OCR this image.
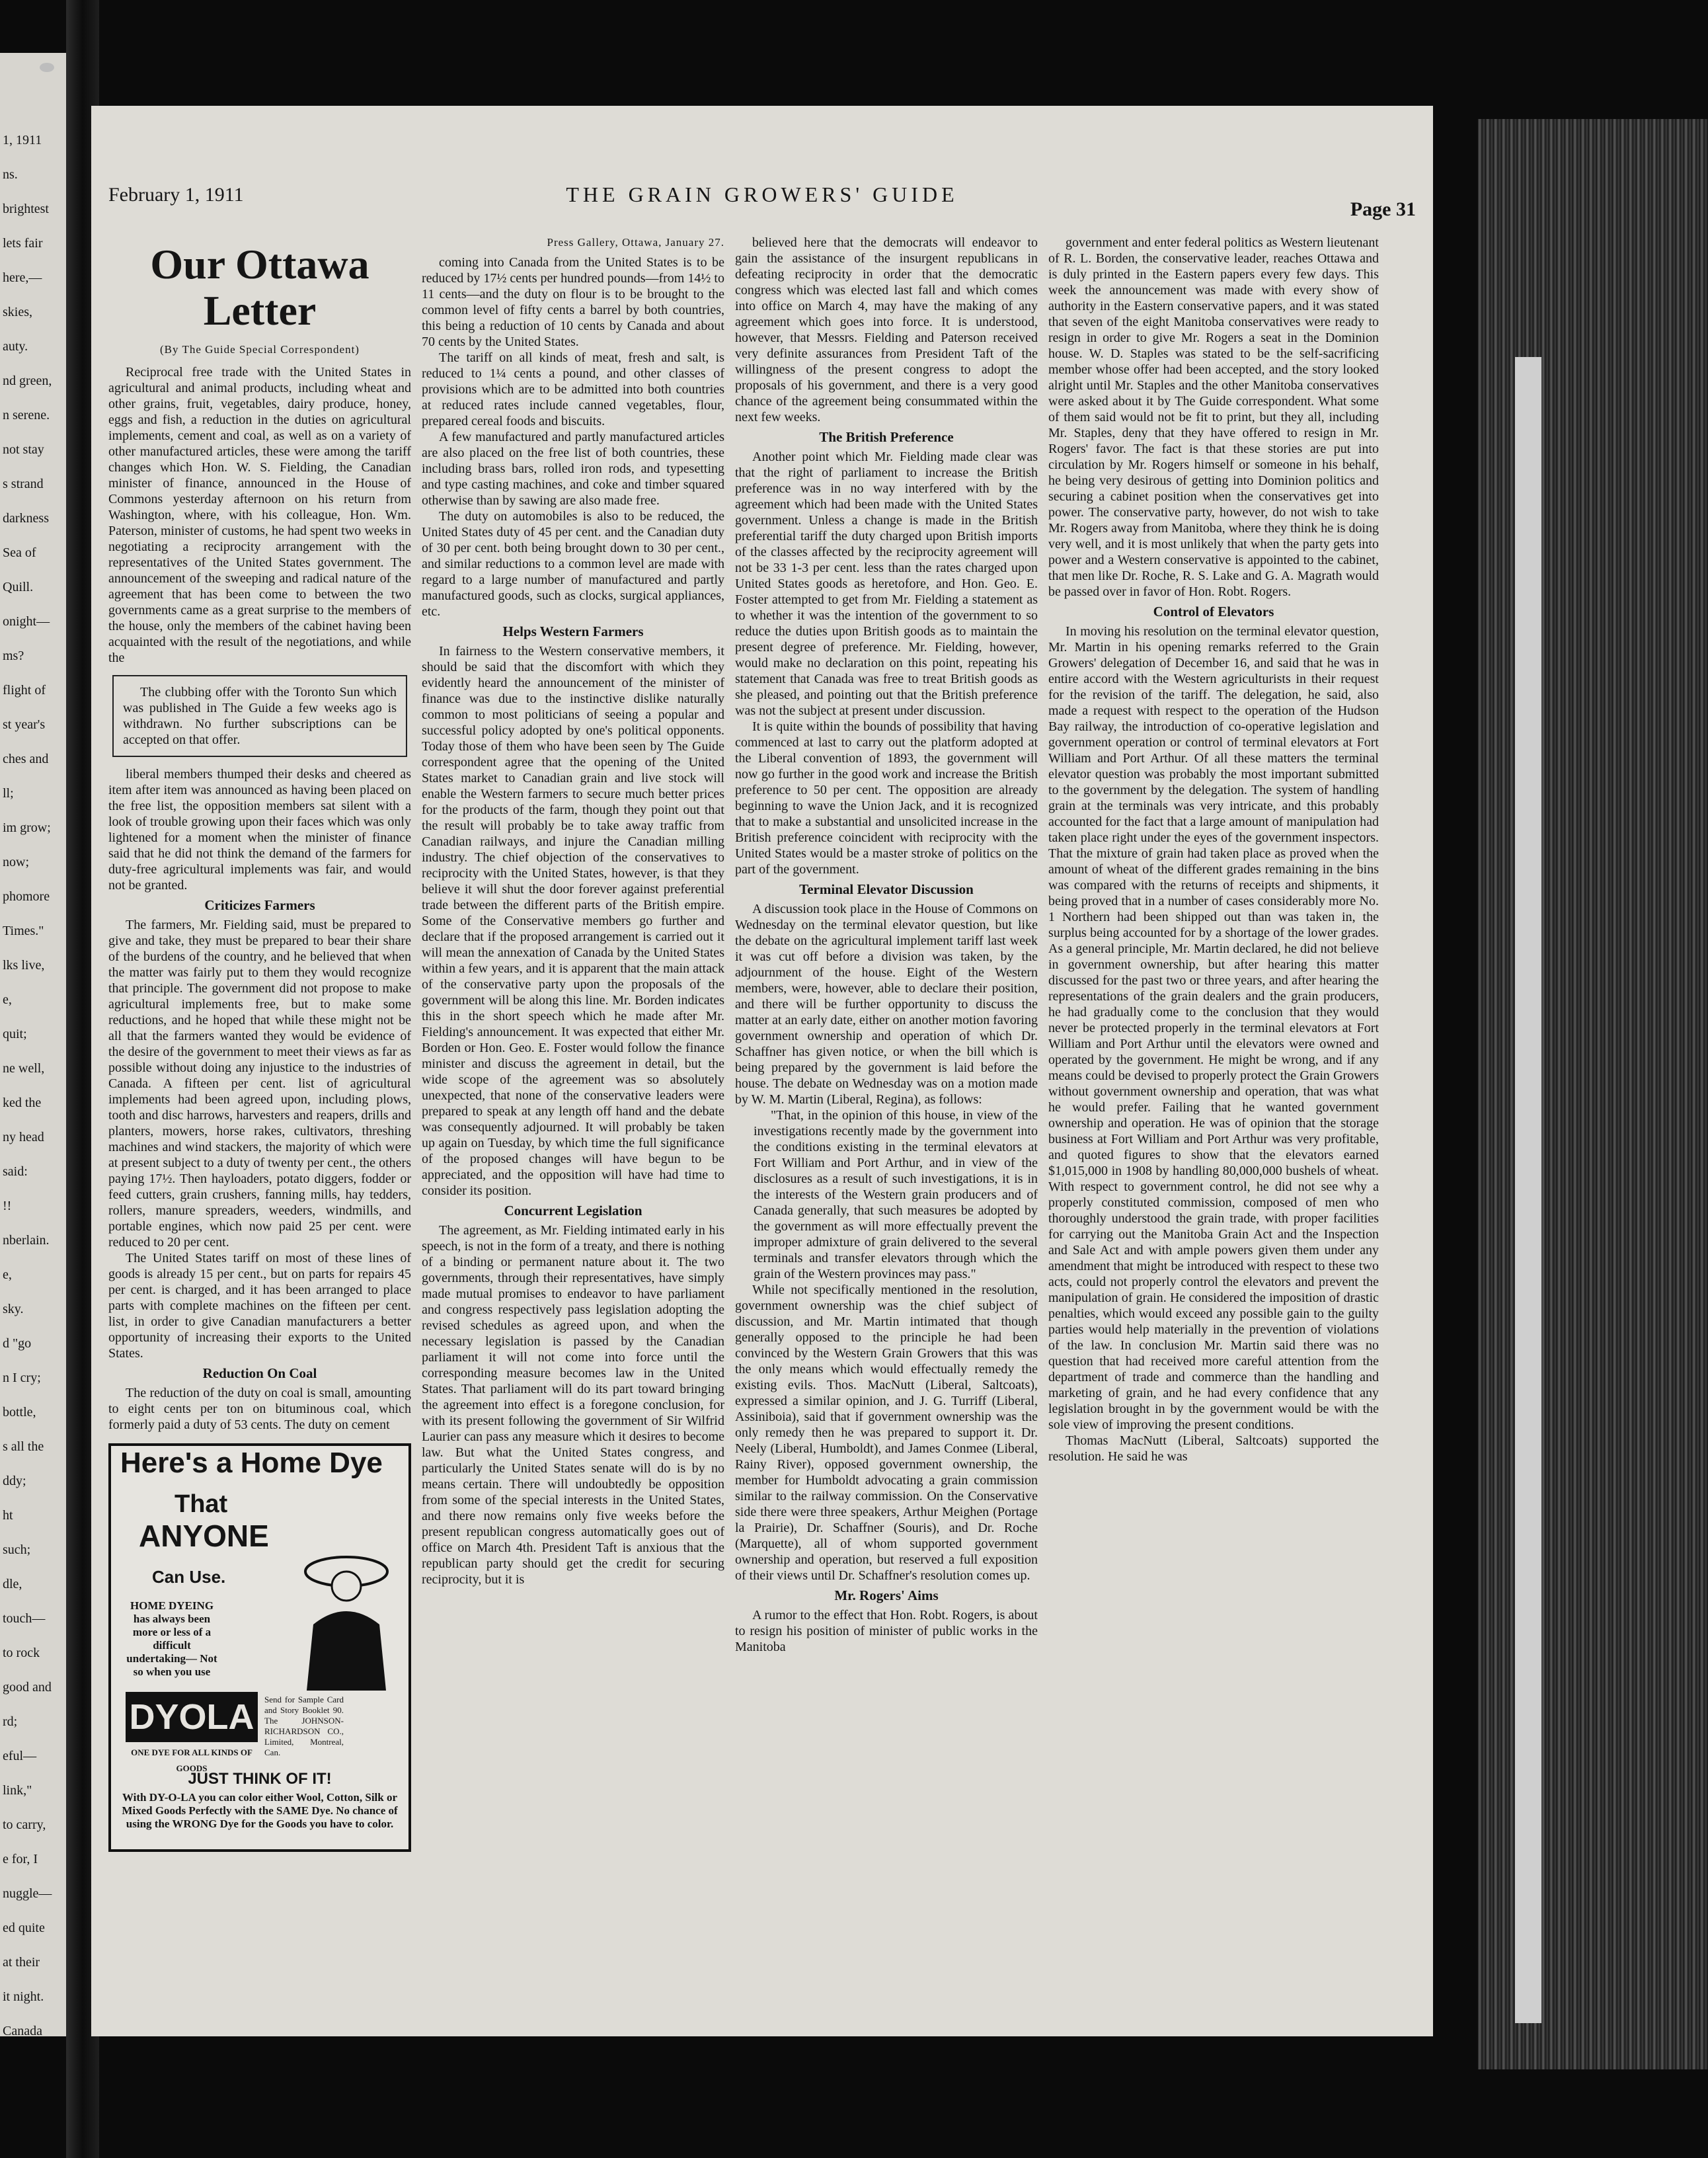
1, 1911
ns.
brightest
lets fair
here,—
skies,
auty.
nd green,
n serene.
not stay
s strand
darkness
Sea of
Quill.
onight—
ms?
flight of
st year's
ches and
ll;
im grow;
now;
phomore
Times."
lks live,
e,
quit;
ne well,
ked the
ny head
said:
!!
nberlain.
e,
sky.
d "go
n I cry;
bottle,
s all the
ddy;
ht
such;
dle,
touch—
to rock
good and
rd;
eful—
link,"
to carry,
e for, I
nuggle—
ed quite
at their
it night.
Canada
February 1, 1911	THE GRAIN GROWERS' GUIDE
Page 31
Our Ottawa Letter
(By The Guide Special Correspondent)

Reciprocal free trade with the United States in agricultural and animal products, including wheat and other grains, fruit, vegetables, dairy produce, honey, eggs and fish, a reduction in the duties on agricultural implements, cement and coal, as well as on a variety of other manufactured articles, these were among the tariff changes which Hon. W. S. Fielding, the Canadian minister of finance, announced in the House of Commons yesterday afternoon on his return from Washington, where, with his colleague, Hon. Wm. Paterson, minister of customs, he had spent two weeks in negotiating a reciprocity arrangement with the representatives of the United States government. The announcement of the sweeping and radical nature of the agreement that has been come to between the two governments came as a great surprise to the members of the house, only the members of the cabinet having been acquainted with the result of the negotiations, and while the

The clubbing offer with the Toronto Sun which was published in The Guide a few weeks ago is withdrawn. No further subscriptions can be accepted on that offer.

liberal members thumped their desks and cheered as item after item was announced as having been placed on the free list, the opposition members sat silent with a look of trouble growing upon their faces which was only lightened for a moment when the minister of finance said that he did not think the demand of the farmers for duty-free agricultural implements was fair, and would not be granted.

Criticizes Farmers

The farmers, Mr. Fielding said, must be prepared to give and take, they must be prepared to bear their share of the burdens of the country, and he believed that when the matter was fairly put to them they would recognize that principle. The government did not propose to make agricultural implements free, but to make some reductions, and he hoped that while these might not be all that the farmers wanted they would be evidence of the desire of the government to meet their views as far as possible without doing any injustice to the industries of Canada. A fifteen per cent. list of agricultural implements had been agreed upon, including plows, tooth and disc harrows, harvesters and reapers, drills and planters, mowers, horse rakes, cultivators, threshing machines and wind stackers, the majority of which were at present subject to a duty of twenty per cent., the others paying 17½. Then hayloaders, potato diggers, fodder or feed cutters, grain crushers, fanning mills, hay tedders, rollers, manure spreaders, weeders, windmills, and portable engines, which now paid 25 per cent. were reduced to 20 per cent.

The United States tariff on most of these lines of goods is already 15 per cent., but on parts for repairs 45 per cent. is charged, and it has been arranged to place parts with complete machines on the fifteen per cent. list, in order to give Canadian manufacturers a better opportunity of increasing their exports to the United States.

Reduction On Coal

The reduction of the duty on coal is small, amounting to eight cents per ton on bituminous coal, which formerly paid a duty of 53 cents. The duty on cement

Here's a Home Dye
That
ANYONE
Can Use.
HOME DYEING has always been more or less of a difficult undertaking— Not so when you use
DYOLA
ONE DYE FOR ALL KINDS OF GOODS
Send for Sample Card and Story Booklet 90. The JOHNSON-RICHARDSON CO., Limited, Montreal, Can.
JUST THINK OF IT!
With DY-O-LA you can color either Wool, Cotton, Silk or Mixed Goods Perfectly with the SAME Dye. No chance of using the WRONG Dye for the Goods you have to color.
Press Gallery, Ottawa, January 27.

coming into Canada from the United States is to be reduced by 17½ cents per hundred pounds—from 14½ to 11 cents—and the duty on flour is to be brought to the common level of fifty cents a barrel by both countries, this being a reduction of 10 cents by Canada and about 70 cents by the United States.

The tariff on all kinds of meat, fresh and salt, is reduced to 1¼ cents a pound, and other classes of provisions which are to be admitted into both countries at reduced rates include canned vegetables, flour, prepared cereal foods and biscuits.

A few manufactured and partly manufactured articles are also placed on the free list of both countries, these including brass bars, rolled iron rods, and typesetting and type casting machines, and coke and timber squared otherwise than by sawing are also made free.

The duty on automobiles is also to be reduced, the United States duty of 45 per cent. and the Canadian duty of 30 per cent. both being brought down to 30 per cent., and similar reductions to a common level are made with regard to a large number of manufactured and partly manufactured goods, such as clocks, surgical appliances, etc.

Helps Western Farmers

In fairness to the Western conservative members, it should be said that the discomfort with which they evidently heard the announcement of the minister of finance was due to the instinctive dislike naturally common to most politicians of seeing a popular and successful policy adopted by one's political opponents. Today those of them who have been seen by The Guide correspondent agree that the opening of the United States market to Canadian grain and live stock will enable the Western farmers to secure much better prices for the products of the farm, though they point out that the result will probably be to take away traffic from Canadian railways, and injure the Canadian milling industry. The chief objection of the conservatives to reciprocity with the United States, however, is that they believe it will shut the door forever against preferential trade between the different parts of the British empire. Some of the Conservative members go further and declare that if the proposed arrangement is carried out it will mean the annexation of Canada by the United States within a few years, and it is apparent that the main attack of the conservative party upon the proposals of the government will be along this line. Mr. Borden indicates this in the short speech which he made after Mr. Fielding's announcement. It was expected that either Mr. Borden or Hon. Geo. E. Foster would follow the finance minister and discuss the agreement in detail, but the wide scope of the agreement was so absolutely unexpected, that none of the conservative leaders were prepared to speak at any length off hand and the debate was consequently adjourned. It will probably be taken up again on Tuesday, by which time the full significance of the proposed changes will have begun to be appreciated, and the opposition will have had time to consider its position.

Concurrent Legislation

The agreement, as Mr. Fielding intimated early in his speech, is not in the form of a treaty, and there is nothing of a binding or permanent nature about it. The two governments, through their representatives, have simply made mutual promises to endeavor to have parliament and congress respectively pass legislation adopting the revised schedules as agreed upon, and when the necessary legislation is passed by the Canadian parliament it will not come into force until the corresponding measure becomes law in the United States. That parliament will do its part toward bringing the agreement into effect is a foregone conclusion, for with its present following the government of Sir Wilfrid Laurier can pass any measure which it desires to become law. But what the United States congress, and particularly the United States senate will do is by no means certain. There will undoubtedly be opposition from some of the special interests in the United States, and there now remains only five weeks before the present republican congress automatically goes out of office on March 4th. President Taft is anxious that the republican party should get the credit for securing reciprocity, but it is

believed here that the democrats will endeavor to gain the assistance of the insurgent republicans in defeating reciprocity in order that the democratic congress which was elected last fall and which comes into office on March 4, may have the making of any agreement which goes into force. It is understood, however, that Messrs. Fielding and Paterson received very definite assurances from President Taft of the willingness of the present congress to adopt the proposals of his government, and there is a very good chance of the agreement being consummated within the next few weeks.

The British Preference

Another point which Mr. Fielding made clear was that the right of parliament to increase the British preference was in no way interfered with by the agreement which had been made with the United States government. Unless a change is made in the British preferential tariff the duty charged upon British imports of the classes affected by the reciprocity agreement will not be 33 1-3 per cent. less than the rates charged upon United States goods as heretofore, and Hon. Geo. E. Foster attempted to get from Mr. Fielding a statement as to whether it was the intention of the government to so reduce the duties upon British goods as to maintain the present degree of preference. Mr. Fielding, however, would make no declaration on this point, repeating his statement that Canada was free to treat British goods as she pleased, and pointing out that the British preference was not the subject at present under discussion.

It is quite within the bounds of possibility that having commenced at last to carry out the platform adopted at the Liberal convention of 1893, the government will now go further in the good work and increase the British preference to 50 per cent. The opposition are already beginning to wave the Union Jack, and it is recognized that to make a substantial and unsolicited increase in the British preference coincident with reciprocity with the United States would be a master stroke of politics on the part of the government.

Terminal Elevator Discussion

A discussion took place in the House of Commons on Wednesday on the terminal elevator question, but like the debate on the agricultural implement tariff last week it was cut off before a division was taken, by the adjournment of the house. Eight of the Western members, were, however, able to declare their position, and there will be further opportunity to discuss the matter at an early date, either on another motion favoring government ownership and operation of which Dr. Schaffner has given notice, or when the bill which is being prepared by the government is laid before the house. The debate on Wednesday was on a motion made by W. M. Martin (Liberal, Regina), as follows:

"That, in the opinion of this house, in view of the investigations recently made by the government into the conditions existing in the terminal elevators at Fort William and Port Arthur, and in view of the disclosures as a result of such investigations, it is in the interests of the Western grain producers and of Canada generally, that such measures be adopted by the government as will more effectually prevent the improper admixture of grain delivered to the several terminals and transfer elevators through which the grain of the Western provinces may pass."

While not specifically mentioned in the resolution, government ownership was the chief subject of discussion, and Mr. Martin intimated that though generally opposed to the principle he had been convinced by the Western Grain Growers that this was the only means which would effectually remedy the existing evils. Thos. MacNutt (Liberal, Saltcoats), expressed a similar opinion, and J. G. Turriff (Liberal, Assiniboia), said that if government ownership was the only remedy then he was prepared to support it. Dr. Neely (Liberal, Humboldt), and James Conmee (Liberal, Rainy River), opposed government ownership, the member for Humboldt advocating a grain commission similar to the railway commission. On the Conservative side there were three speakers, Arthur Meighen (Portage la Prairie), Dr. Schaffner (Souris), and Dr. Roche (Marquette), all of whom supported government ownership and operation, but reserved a full exposition of their views until Dr. Schaffner's resolution comes up.

Mr. Rogers' Aims

A rumor to the effect that Hon. Robt. Rogers, is about to resign his position of minister of public works in the Manitoba

government and enter federal politics as Western lieutenant of R. L. Borden, the conservative leader, reaches Ottawa and is duly printed in the Eastern papers every few days. This week the announcement was made with every show of authority in the Eastern conservative papers, and it was stated that seven of the eight Manitoba conservatives were ready to resign in order to give Mr. Rogers a seat in the Dominion house. W. D. Staples was stated to be the self-sacrificing member whose offer had been accepted, and the story looked alright until Mr. Staples and the other Manitoba conservatives were asked about it by The Guide correspondent. What some of them said would not be fit to print, but they all, including Mr. Staples, deny that they have offered to resign in Mr. Rogers' favor. The fact is that these stories are put into circulation by Mr. Rogers himself or someone in his behalf, he being very desirous of getting into Dominion politics and securing a cabinet position when the conservatives get into power. The conservative party, however, do not wish to take Mr. Rogers away from Manitoba, where they think he is doing very well, and it is most unlikely that when the party gets into power and a Western conservative is appointed to the cabinet, that men like Dr. Roche, R. S. Lake and G. A. Magrath would be passed over in favor of Hon. Robt. Rogers.

Control of Elevators

In moving his resolution on the terminal elevator question, Mr. Martin in his opening remarks referred to the Grain Growers' delegation of December 16, and said that he was in entire accord with the Western agriculturists in their request for the revision of the tariff. The delegation, he said, also made a request with respect to the operation of the Hudson Bay railway, the introduction of co-operative legislation and government operation or control of terminal elevators at Fort William and Port Arthur. Of all these matters the terminal elevator question was probably the most important submitted to the government by the delegation. The system of handling grain at the terminals was very intricate, and this probably accounted for the fact that a large amount of manipulation had taken place right under the eyes of the government inspectors. That the mixture of grain had taken place as proved when the amount of wheat of the different grades remaining in the bins was compared with the returns of receipts and shipments, it being proved that in a number of cases considerably more No. 1 Northern had been shipped out than was taken in, the surplus being accounted for by a shortage of the lower grades. As a general principle, Mr. Martin declared, he did not believe in government ownership, but after hearing this matter discussed for the past two or three years, and after hearing the representations of the grain dealers and the grain producers, he had gradually come to the conclusion that they would never be protected properly in the terminal elevators at Fort William and Port Arthur until the elevators were owned and operated by the government. He might be wrong, and if any means could be devised to properly protect the Grain Growers without government ownership and operation, that was what he would prefer. Failing that he wanted government ownership and operation. He was of opinion that the storage business at Fort William and Port Arthur was very profitable, and quoted figures to show that the elevators earned $1,015,000 in 1908 by handling 80,000,000 bushels of wheat. With respect to government control, he did not see why a properly constituted commission, composed of men who thoroughly understood the grain trade, with proper facilities for carrying out the Manitoba Grain Act and the Inspection and Sale Act and with ample powers given them under any amendment that might be introduced with respect to these two acts, could not properly control the elevators and prevent the manipulation of grain. He considered the imposition of drastic penalties, which would exceed any possible gain to the guilty parties would help materially in the prevention of violations of the law. In conclusion Mr. Martin said there was no question that had received more careful attention from the department of trade and commerce than the handling and marketing of grain, and he had every confidence that any legislation brought in by the government would be with the sole view of improving the present conditions.

Thomas MacNutt (Liberal, Saltcoats) supported the resolution. He said he was
